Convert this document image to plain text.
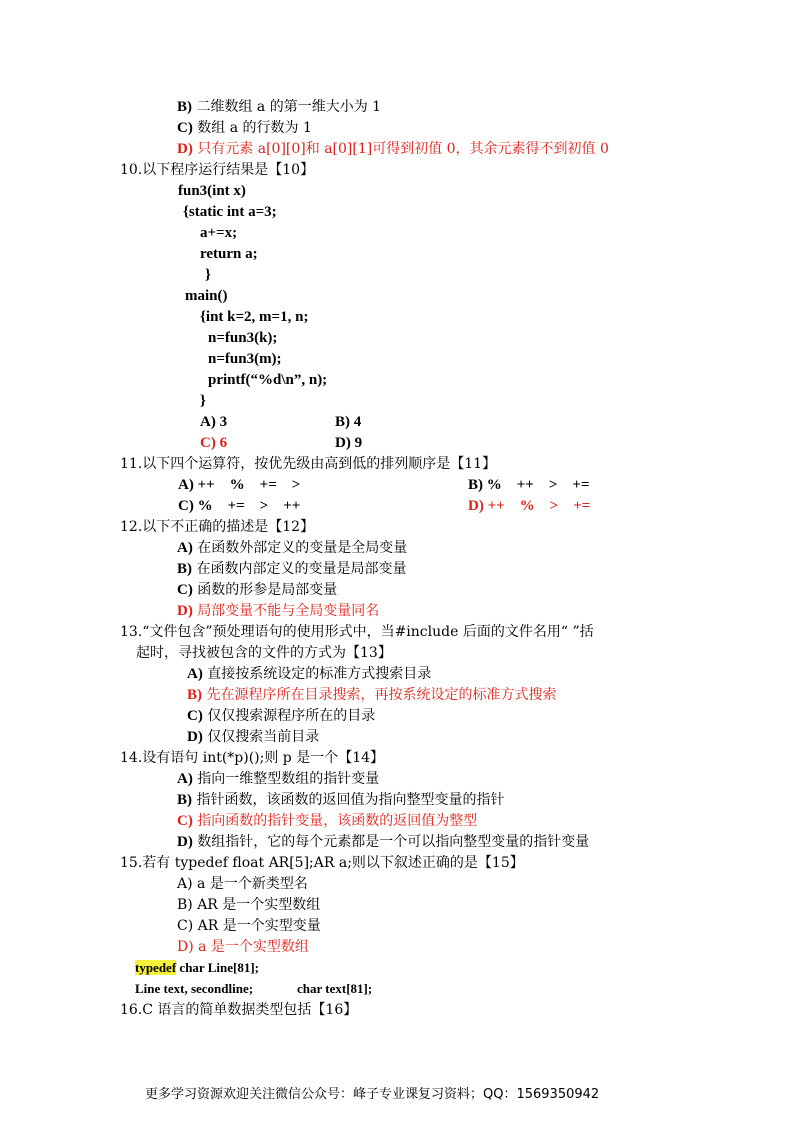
B) 二维数组 a 的第一维大小为 1
C) 数组 a 的行数为 1
D) 只有元素 a[0][0]和 a[0][1]可得到初值 0，其余元素得不到初值 0
10.以下程序运行结果是【10】
fun3(int x)
{static int a=3;
a+=x;
return a;
}
main()
{int k=2, m=1, n;
n=fun3(k);
n=fun3(m);
printf(“%d\n”, n);
}
A) 3	B) 4
C) 6	D) 9
11.以下四个运算符，按优先级由高到低的排列顺序是【11】
A) ++    %    +=    >	B) %    ++    >    +=
C) %    +=    >    ++	D) ++    %    >    +=
12.以下不正确的描述是【12】
A) 在函数外部定义的变量是全局变量
B) 在函数内部定义的变量是局部变量
C) 函数的形参是局部变量
D) 局部变量不能与全局变量同名
13.“文件包含”预处理语句的使用形式中，当#include 后面的文件名用“ ”括
起时，寻找被包含的文件的方式为【13】
A) 直接按系统设定的标准方式搜索目录
B) 先在源程序所在目录搜索，再按系统设定的标准方式搜索
C) 仅仅搜索源程序所在的目录
D) 仅仅搜索当前目录
14.设有语句 int(*p)();则 p 是一个【14】
A) 指向一维整型数组的指针变量
B) 指针函数，该函数的返回值为指向整型变量的指针
C) 指向函数的指针变量，该函数的返回值为整型
D) 数组指针，它的每个元素都是一个可以指向整型变量的指针变量
15.若有 typedef float AR[5];AR a;则以下叙述正确的是【15】
A) a 是一个新类型名
B) AR 是一个实型数组
C) AR 是一个实型变量
D) a 是一个实型数组
typedef char Line[81];
Line text, secondline;	char text[81];
16.C 语言的简单数据类型包括【16】
更多学习资源欢迎关注微信公众号：峰子专业课复习资料；QQ：1569350942
